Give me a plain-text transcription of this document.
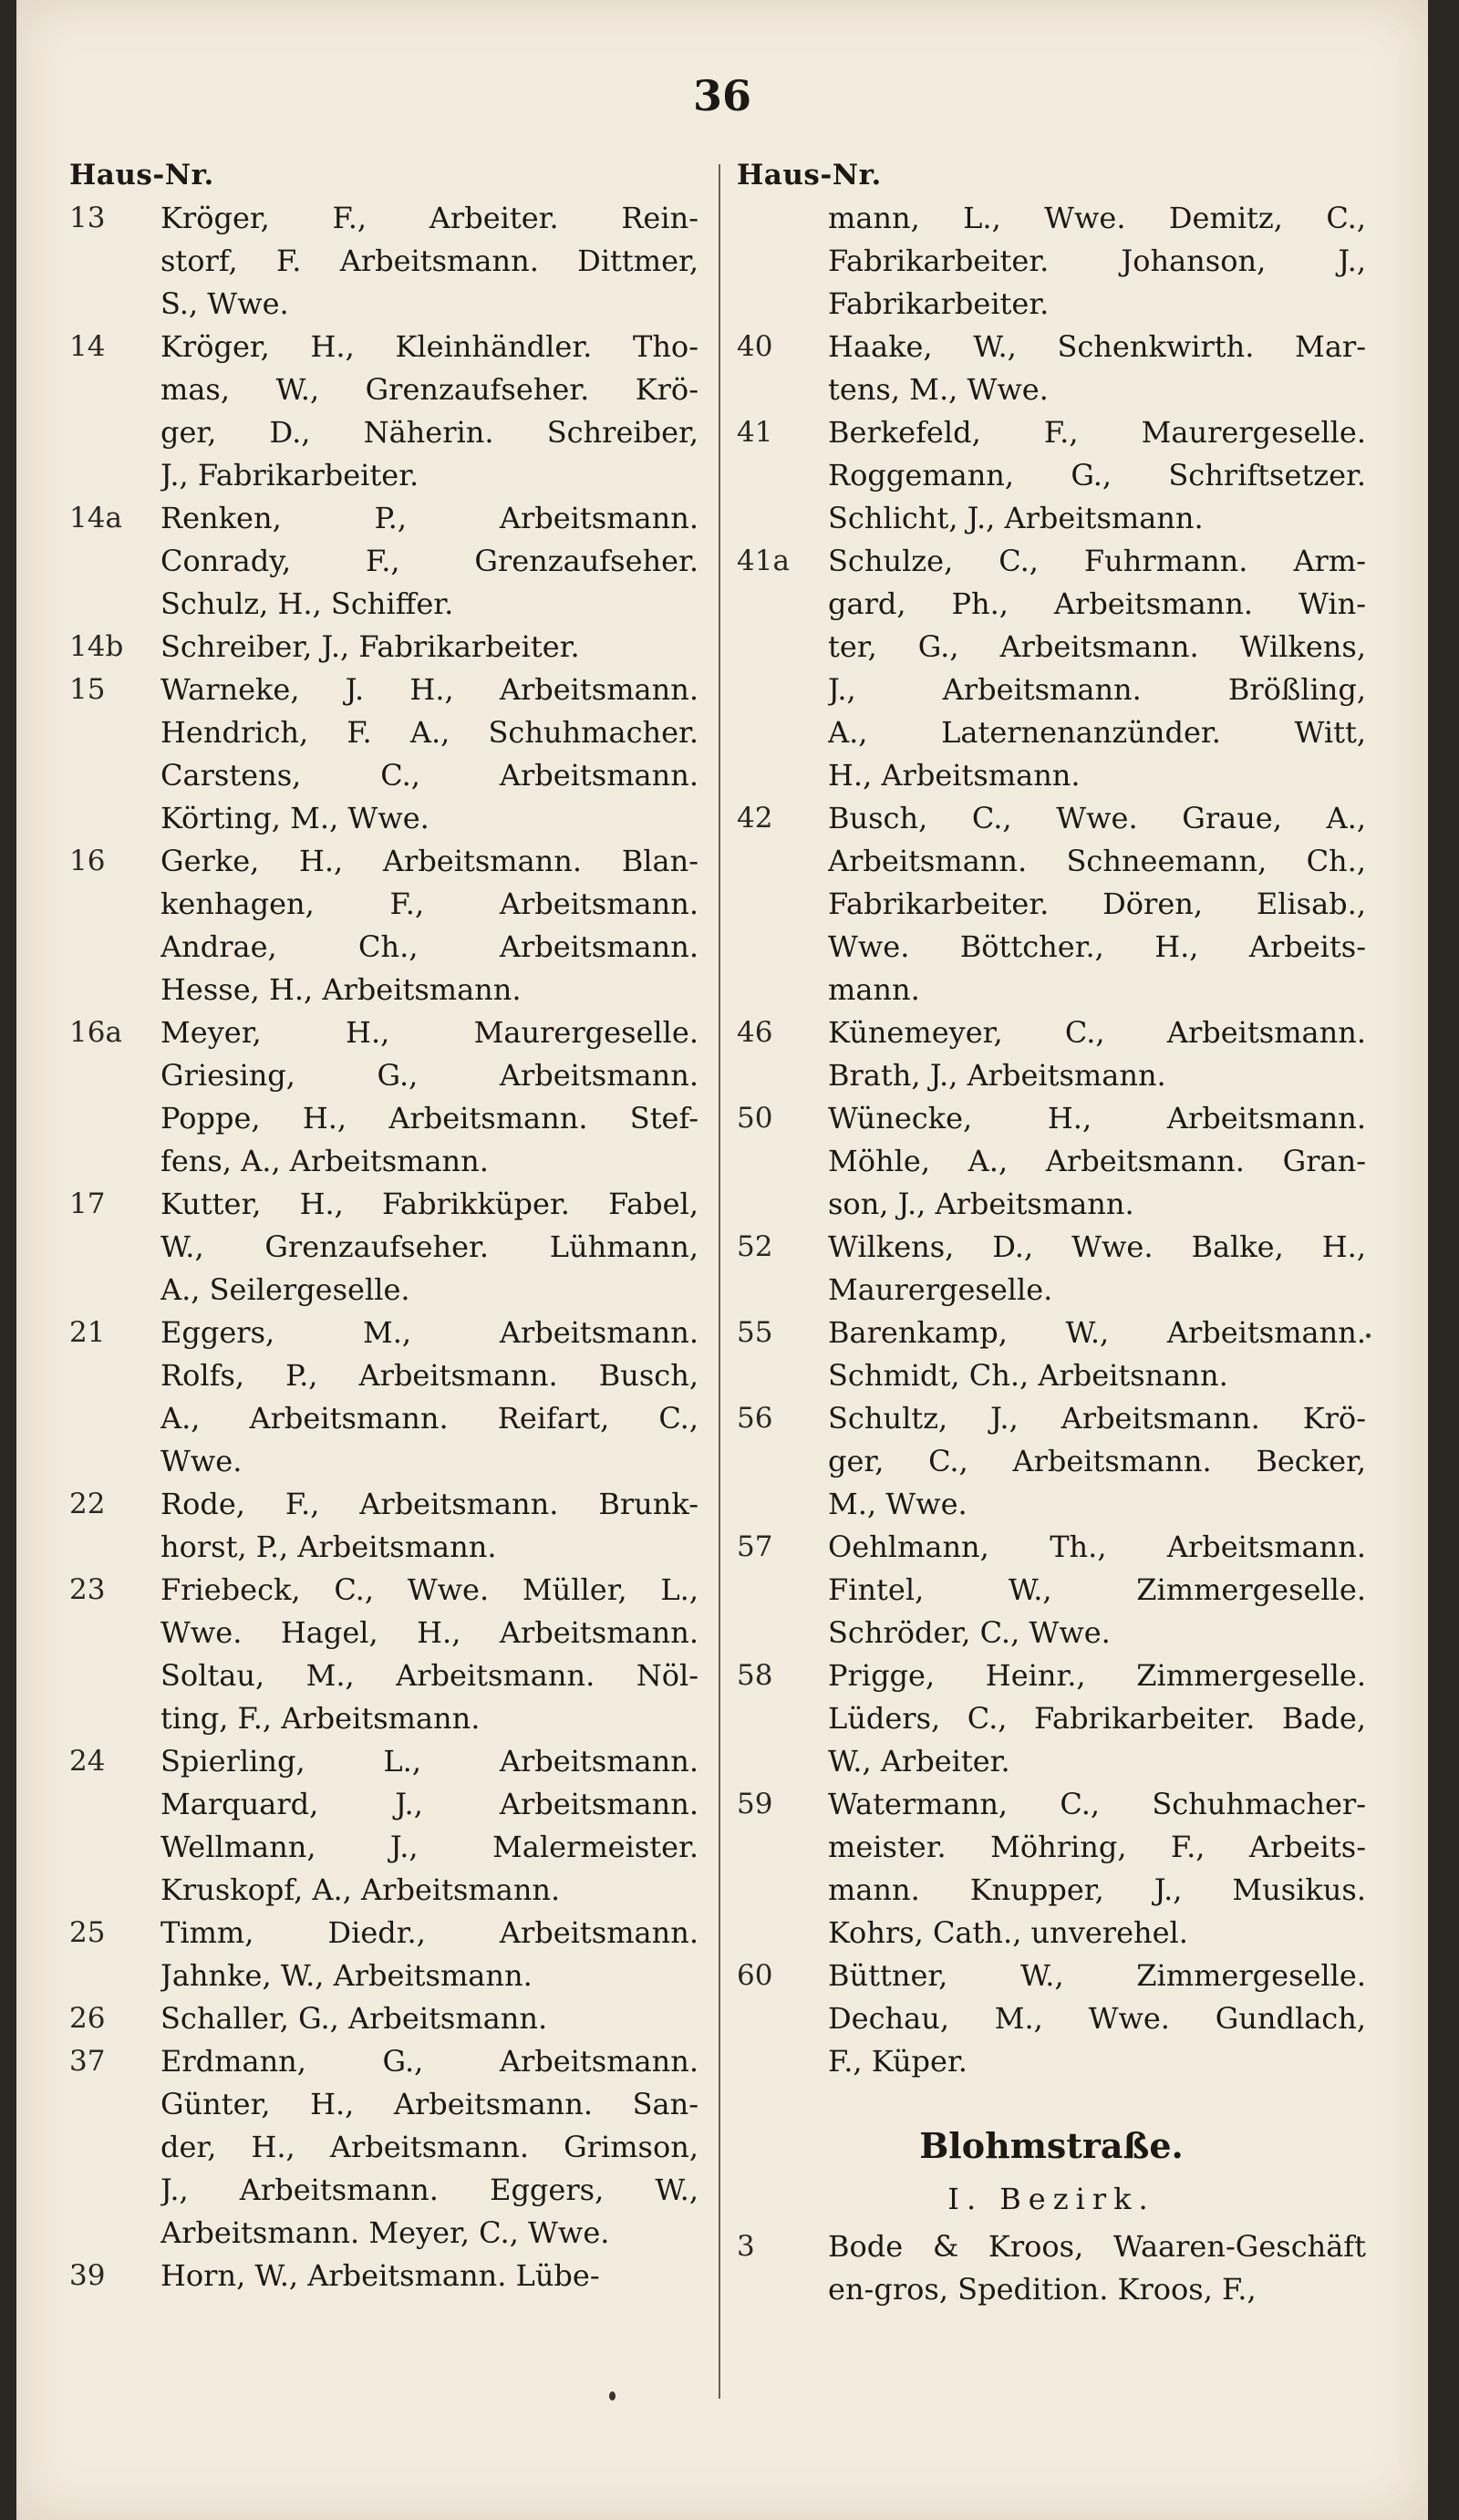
36
Haus-Nr.
13	Kröger, F., Arbeiter. Rein-
storf, F. Arbeitsmann. Dittmer,
S., Wwe.
14	Kröger, H., Kleinhändler. Tho-
mas, W., Grenzaufseher. Krö-
ger, D., Näherin. Schreiber,
J., Fabrikarbeiter.
14a	Renken, P., Arbeitsmann.
Conrady, F., Grenzaufseher.
Schulz, H., Schiffer.
14b	Schreiber, J., Fabrikarbeiter.
15	Warneke, J. H., Arbeitsmann.
Hendrich, F. A., Schuhmacher.
Carstens, C., Arbeitsmann.
Körting, M., Wwe.
16	Gerke, H., Arbeitsmann. Blan-
kenhagen, F., Arbeitsmann.
Andrae, Ch., Arbeitsmann.
Hesse, H., Arbeitsmann.
16a	Meyer, H., Maurergeselle.
Griesing, G., Arbeitsmann.
Poppe, H., Arbeitsmann. Stef-
fens, A., Arbeitsmann.
17	Kutter, H., Fabrikküper. Fabel,
W., Grenzaufseher. Lühmann,
A., Seilergeselle.
21	Eggers, M., Arbeitsmann.
Rolfs, P., Arbeitsmann. Busch,
A., Arbeitsmann. Reifart, C.,
Wwe.
22	Rode, F., Arbeitsmann. Brunk-
horst, P., Arbeitsmann.
23	Friebeck, C., Wwe. Müller, L.,
Wwe. Hagel, H., Arbeitsmann.
Soltau, M., Arbeitsmann. Nöl-
ting, F., Arbeitsmann.
24	Spierling, L., Arbeitsmann.
Marquard, J., Arbeitsmann.
Wellmann, J., Malermeister.
Kruskopf, A., Arbeitsmann.
25	Timm, Diedr., Arbeitsmann.
Jahnke, W., Arbeitsmann.
26	Schaller, G., Arbeitsmann.
37	Erdmann, G., Arbeitsmann.
Günter, H., Arbeitsmann. San-
der, H., Arbeitsmann. Grimson,
J., Arbeitsmann. Eggers, W.,
Arbeitsmann. Meyer, C., Wwe.
39	Horn, W., Arbeitsmann. Lübe-
Haus-Nr.
mann, L., Wwe. Demitz, C.,
Fabrikarbeiter. Johanson, J.,
Fabrikarbeiter.
40	Haake, W., Schenkwirth. Mar-
tens, M., Wwe.
41	Berkefeld, F., Maurergeselle.
Roggemann, G., Schriftsetzer.
Schlicht, J., Arbeitsmann.
41a	Schulze, C., Fuhrmann. Arm-
gard, Ph., Arbeitsmann. Win-
ter, G., Arbeitsmann. Wilkens,
J., Arbeitsmann. Brößling,
A., Laternenanzünder. Witt,
H., Arbeitsmann.
42	Busch, C., Wwe. Graue, A.,
Arbeitsmann. Schneemann, Ch.,
Fabrikarbeiter. Dören, Elisab.,
Wwe. Böttcher., H., Arbeits-
mann.
46	Künemeyer, C., Arbeitsmann.
Brath, J., Arbeitsmann.
50	Wünecke, H., Arbeitsmann.
Möhle, A., Arbeitsmann. Gran-
son, J., Arbeitsmann.
52	Wilkens, D., Wwe. Balke, H.,
Maurergeselle.
55	Barenkamp, W., Arbeitsmann.
Schmidt, Ch., Arbeitsnann.
56	Schultz, J., Arbeitsmann. Krö-
ger, C., Arbeitsmann. Becker,
M., Wwe.
57	Oehlmann, Th., Arbeitsmann.
Fintel, W., Zimmergeselle.
Schröder, C., Wwe.
58	Prigge, Heinr., Zimmergeselle.
Lüders, C., Fabrikarbeiter. Bade,
W., Arbeiter.
59	Watermann, C., Schuhmacher-
meister. Möhring, F., Arbeits-
mann. Knupper, J., Musikus.
Kohrs, Cath., unverehel.
60	Büttner, W., Zimmergeselle.
Dechau, M., Wwe. Gundlach,
F., Küper.
Blohmstraße.
I. Bezirk.
3	Bode & Kroos, Waaren-Geschäft
en-gros, Spedition. Kroos, F.,
